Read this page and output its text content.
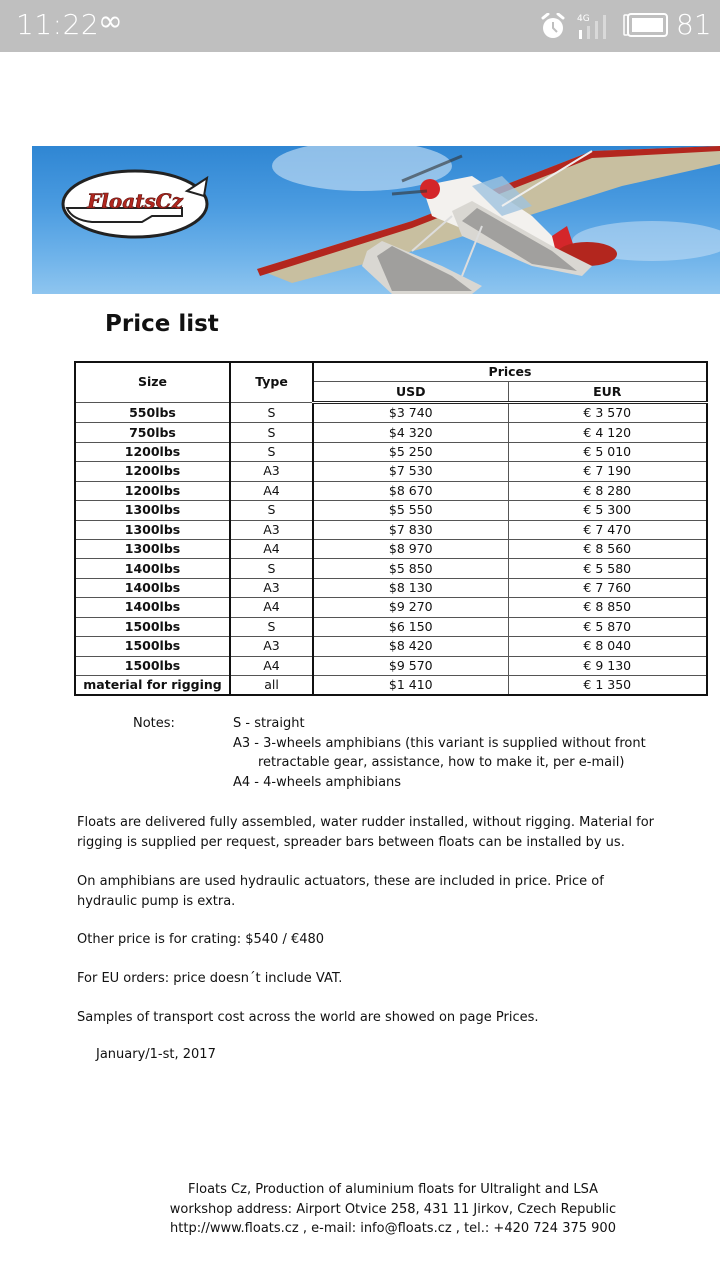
11:22
∞	4G	81
FloatsCz
Price list
Size	Type	Prices	
		USD	EUR
550lbs	S	$3 740	€ 3 570
750lbs	S	$4 320	€ 4 120
1200lbs	S	$5 250	€ 5 010
1200lbs	A3	$7 530	€ 7 190
1200lbs	A4	$8 670	€ 8 280
1300lbs	S	$5 550	€ 5 300
1300lbs	A3	$7 830	€ 7 470
1300lbs	A4	$8 970	€ 8 560
1400lbs	S	$5 850	€ 5 580
1400lbs	A3	$8 130	€ 7 760
1400lbs	A4	$9 270	€ 8 850
1500lbs	S	$6 150	€ 5 870
1500lbs	A3	$8 420	€ 8 040
1500lbs	A4	$9 570	€ 9 130
material for rigging	all	$1 410	€ 1 350
Notes:	S - straight
A3 - 3-wheels amphibians (this variant is supplied without front
retractable gear, assistance, how to make it, per e-mail)
A4 - 4-wheels amphibians
Floats are delivered fully assembled, water rudder installed, without rigging. Material for rigging is supplied per request, spreader bars between floats can be installed by us.
On amphibians are used hydraulic actuators, these are included in price. Price of hydraulic pump is extra.
Other price is for crating: $540 / €480
For EU orders: price doesn´t include VAT.
Samples of transport cost across the world are showed on page Prices.
January/1-st, 2017
Floats Cz, Production of aluminium floats for Ultralight and LSA
workshop address: Airport Otvice 258, 431 11 Jirkov, Czech Republic
http://www.floats.cz , e-mail: info@floats.cz , tel.: +420 724 375 900
